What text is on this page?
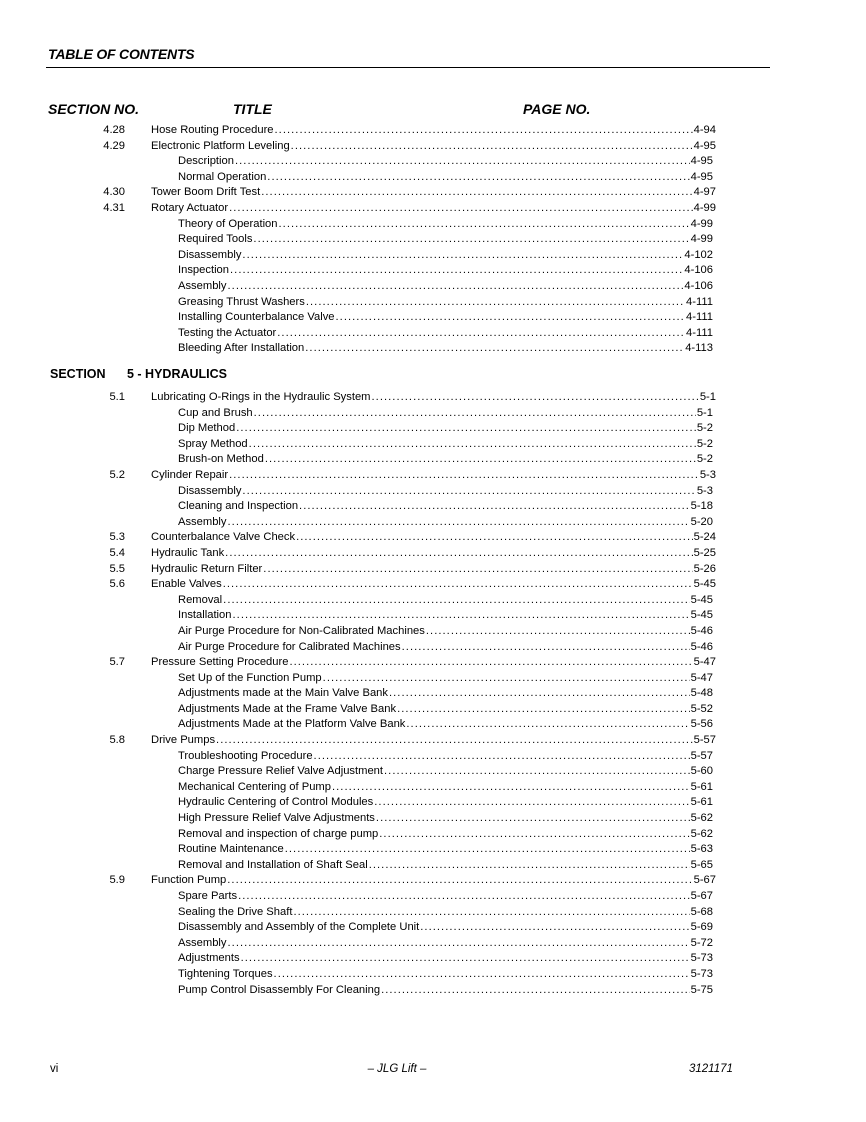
TABLE OF CONTENTS
SECTION NO.	TITLE	PAGE NO.
4.28 Hose Routing Procedure .....	4-94
4.29 Electronic Platform Leveling .....	4-95
Description .....	4-95
Normal Operation .....	4-95
4.30 Tower Boom Drift Test .....	4-97
4.31 Rotary Actuator .....	4-99
Theory of Operation .....	4-99
Required Tools .....	4-99
Disassembly .....	4-102
Inspection .....	4-106
Assembly .....	4-106
Greasing Thrust Washers .....	4-111
Installing Counterbalance Valve .....	4-111
Testing the Actuator .....	4-111
Bleeding After Installation .....	4-113
SECTION 5 - HYDRAULICS
5.1 Lubricating O-Rings in the Hydraulic System .....	5-1
Cup and Brush .....	5-1
Dip Method .....	5-2
Spray Method .....	5-2
Brush-on Method .....	5-2
5.2 Cylinder Repair .....	5-3
Disassembly .....	5-3
Cleaning and Inspection .....	5-18
Assembly .....	5-20
5.3 Counterbalance Valve Check .....	5-24
5.4 Hydraulic Tank .....	5-25
5.5 Hydraulic Return Filter .....	5-26
5.6 Enable Valves .....	5-45
Removal .....	5-45
Installation .....	5-45
Air Purge Procedure for Non-Calibrated Machines .....	5-46
Air Purge Procedure for Calibrated Machines .....	5-46
5.7 Pressure Setting Procedure .....	5-47
Set Up of the Function Pump .....	5-47
Adjustments made at the Main Valve Bank .....	5-48
Adjustments Made at the Frame Valve Bank .....	5-52
Adjustments Made at the Platform Valve Bank .....	5-56
5.8 Drive Pumps .....	5-57
Troubleshooting Procedure .....	5-57
Charge Pressure Relief Valve Adjustment .....	5-60
Mechanical Centering of Pump .....	5-61
Hydraulic Centering of Control Modules .....	5-61
High Pressure Relief Valve Adjustments .....	5-62
Removal and inspection of charge pump .....	5-62
Routine Maintenance .....	5-63
Removal and Installation of Shaft Seal .....	5-65
5.9 Function Pump .....	5-67
Spare Parts .....	5-67
Sealing the Drive Shaft .....	5-68
Disassembly and Assembly of the Complete Unit .....	5-69
Assembly .....	5-72
Adjustments .....	5-73
Tightening Torques .....	5-73
Pump Control Disassembly For Cleaning .....	5-75
vi	– JLG Lift –	3121171
